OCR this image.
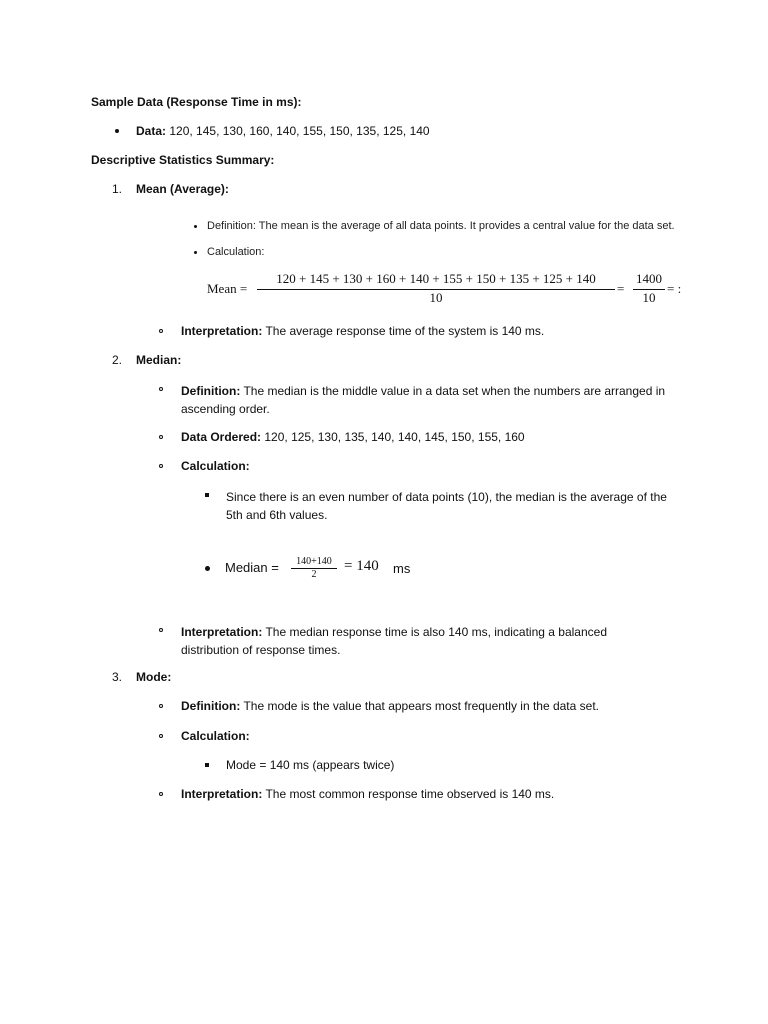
Sample Data (Response Time in ms):
Data: 120, 145, 130, 160, 140, 155, 150, 135, 125, 140
Descriptive Statistics Summary:
1. Mean (Average):
Definition: The mean is the average of all data points. It provides a central value for the data set.
Calculation:
Mean =
120 + 145 + 130 + 160 + 140 + 155 + 150 + 135 + 125 + 140
10
=
1400
10
= :
Interpretation: The average response time of the system is 140 ms.
2. Median:
Definition: The median is the middle value in a data set when the numbers are arranged in ascending order.
Data Ordered: 120, 125, 130, 135, 140, 140, 145, 150, 155, 160
Calculation:
Since there is an even number of data points (10), the median is the average of the 5th and 6th values.
Median =	140+140
2
= 140 ms
Interpretation: The median response time is also 140 ms, indicating a balanced distribution of response times.
3. Mode:
Definition: The mode is the value that appears most frequently in the data set.
Calculation:
Mode = 140 ms (appears twice)
Interpretation: The most common response time observed is 140 ms.
